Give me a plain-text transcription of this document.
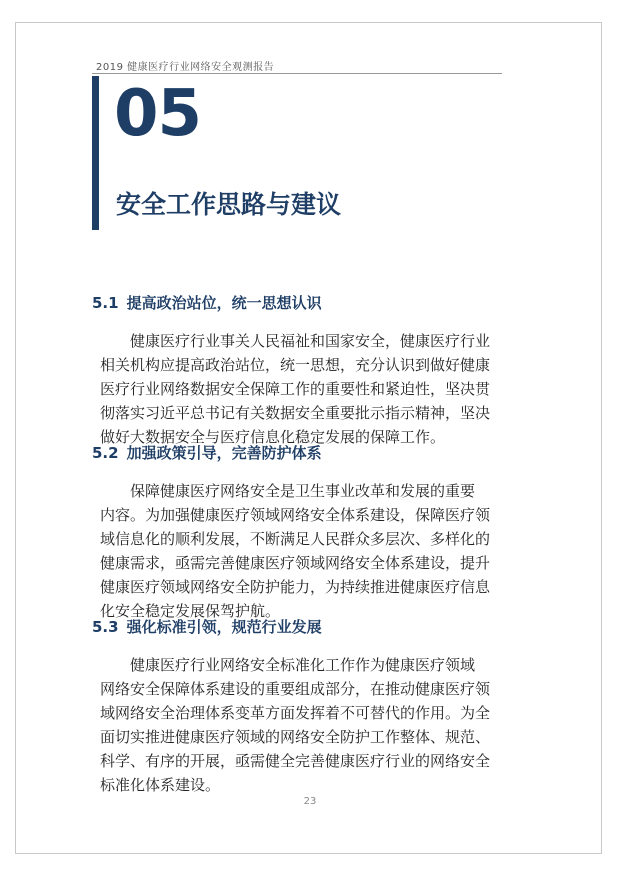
2019 健康医疗行业网络安全观测报告
05
安全工作思路与建议
5.1 提高政治站位，统一思想认识
健康医疗行业事关人民福祉和国家安全，健康医疗行业
相关机构应提高政治站位，统一思想，充分认识到做好健康
医疗行业网络数据安全保障工作的重要性和紧迫性，坚决贯
彻落实习近平总书记有关数据安全重要批示指示精神，坚决
做好大数据安全与医疗信息化稳定发展的保障工作。
5.2 加强政策引导，完善防护体系
保障健康医疗网络安全是卫生事业改革和发展的重要
内容。为加强健康医疗领域网络安全体系建设，保障医疗领
域信息化的顺利发展，不断满足人民群众多层次、多样化的
健康需求，亟需完善健康医疗领域网络安全体系建设，提升
健康医疗领域网络安全防护能力，为持续推进健康医疗信息
化安全稳定发展保驾护航。
5.3 强化标准引领，规范行业发展
健康医疗行业网络安全标准化工作作为健康医疗领域
网络安全保障体系建设的重要组成部分，在推动健康医疗领
域网络安全治理体系变革方面发挥着不可替代的作用。为全
面切实推进健康医疗领域的网络安全防护工作整体、规范、
科学、有序的开展，亟需健全完善健康医疗行业的网络安全
标准化体系建设。
23
